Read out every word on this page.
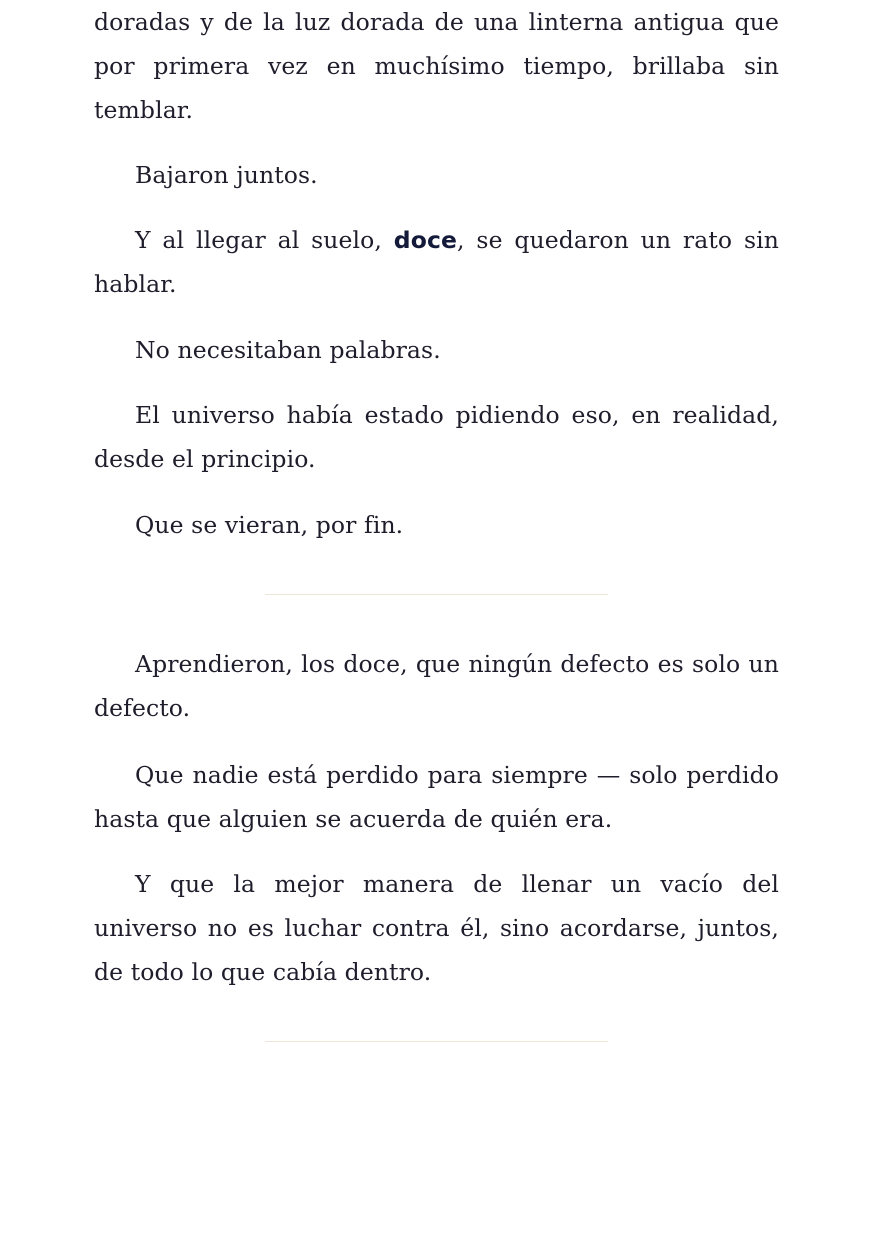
doradas y de la luz dorada de una linterna antigua que por primera vez en muchísimo tiempo, brillaba sin temblar.

Bajaron juntos.

Y al llegar al suelo, doce, se quedaron un rato sin hablar.

No necesitaban palabras.

El universo había estado pidiendo eso, en realidad, desde el principio.

Que se vieran, por fin.

Aprendieron, los doce, que ningún defecto es solo un defecto.

Que nadie está perdido para siempre — solo perdido hasta que alguien se acuerda de quién era.

Y que la mejor manera de llenar un vacío del universo no es luchar contra él, sino acordarse, juntos, de todo lo que cabía dentro.
